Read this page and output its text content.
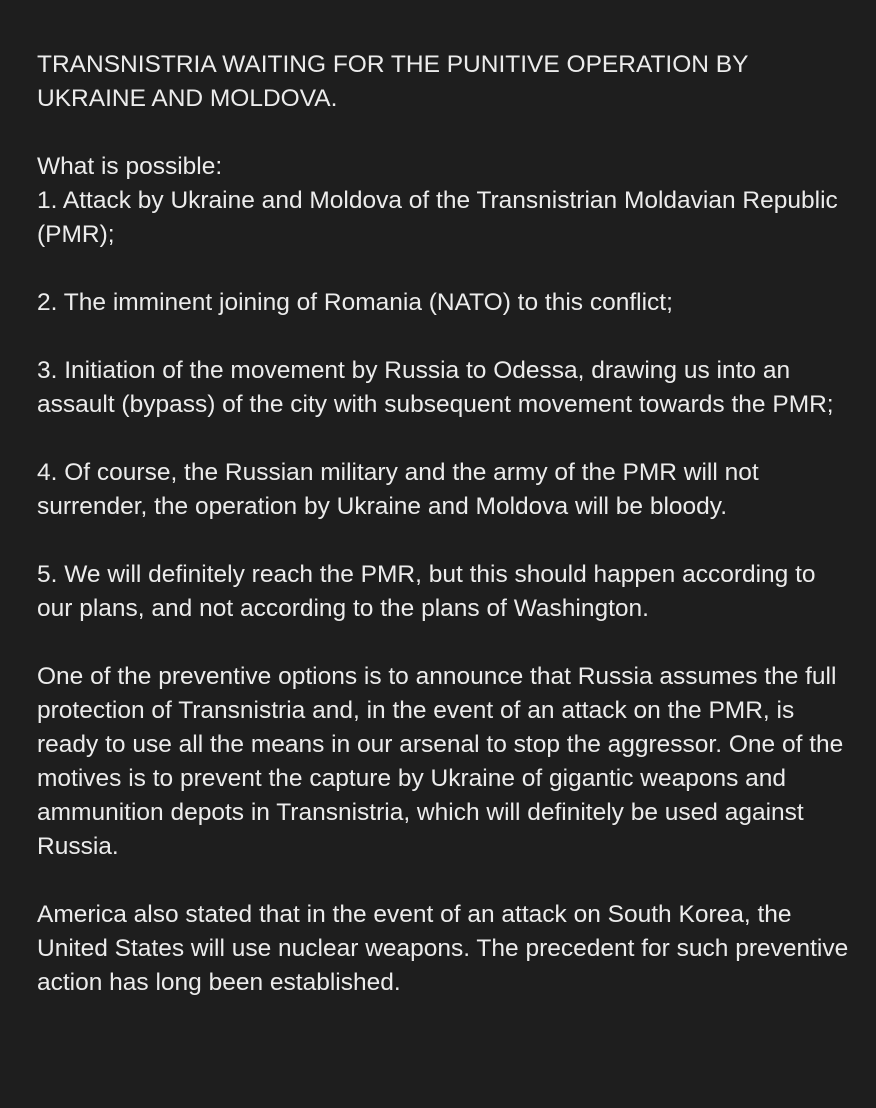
TRANSNISTRIA WAITING FOR THE PUNITIVE OPERATION BY UKRAINE AND MOLDOVA.

What is possible:
1. Attack by Ukraine and Moldova of the Transnistrian Moldavian Republic (PMR);

2. The imminent joining of Romania (NATO) to this conflict;

3. Initiation of the movement by Russia to Odessa, drawing us into an assault (bypass) of the city with subsequent movement towards the PMR;

4. Of course, the Russian military and the army of the PMR will not surrender, the operation by Ukraine and Moldova will be bloody.

5. We will definitely reach the PMR, but this should happen according to our plans, and not according to the plans of Washington.

One of the preventive options is to announce that Russia assumes the full protection of Transnistria and, in the event of an attack on the PMR, is ready to use all the means in our arsenal to stop the aggressor. One of the motives is to prevent the capture by Ukraine of gigantic weapons and ammunition depots in Transnistria, which will definitely be used against Russia.

America also stated that in the event of an attack on South Korea, the United States will use nuclear weapons. The precedent for such preventive action has long been established.
